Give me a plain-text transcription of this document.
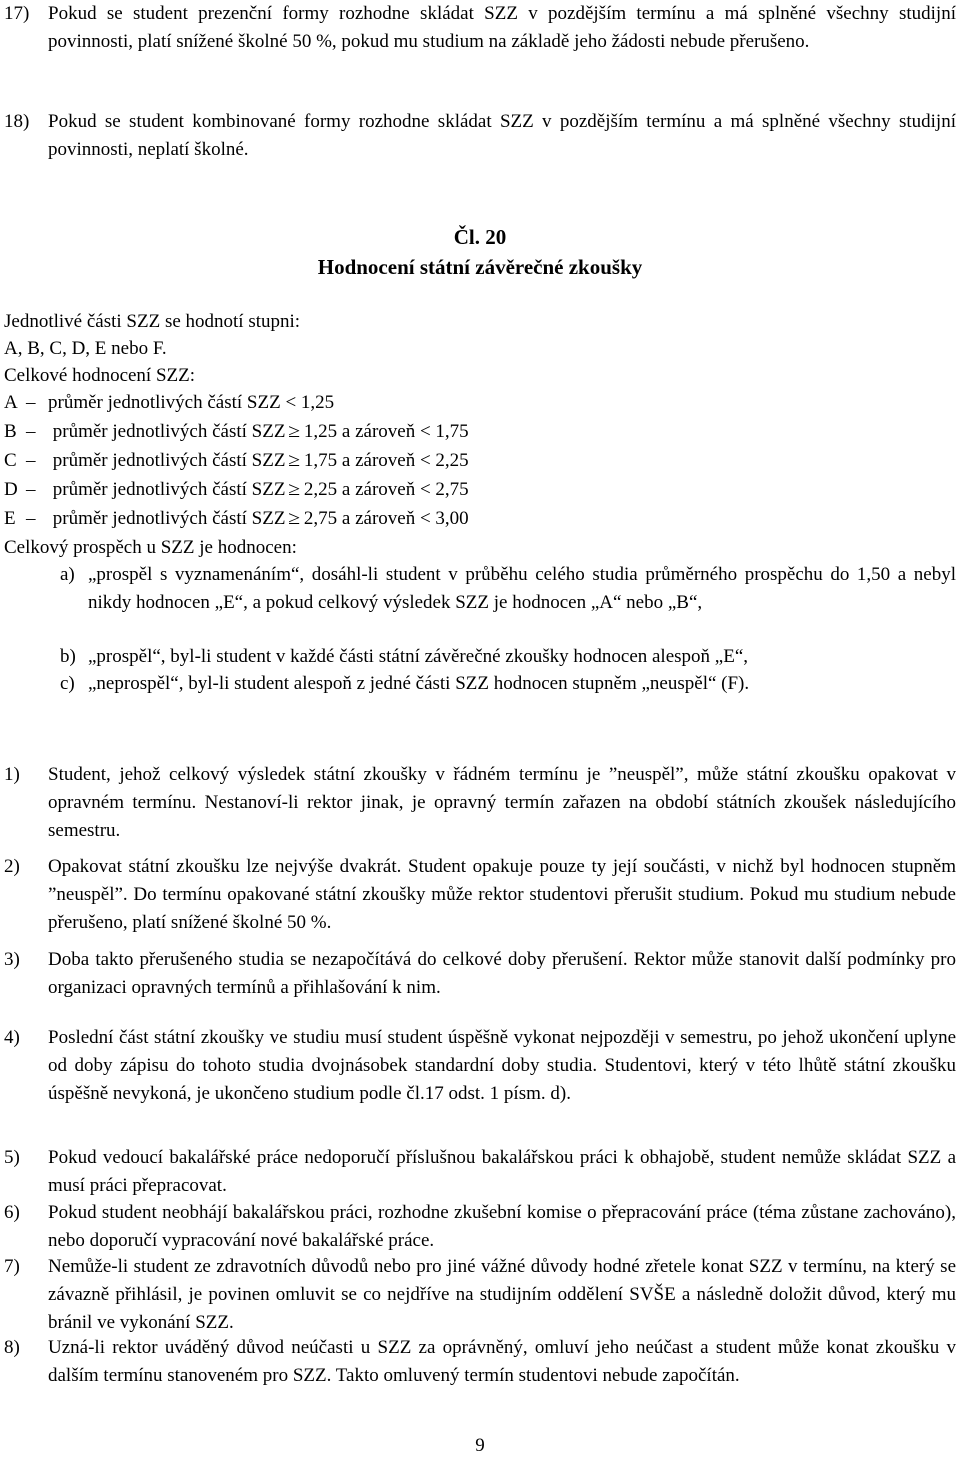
17) Pokud se student prezenční formy rozhodne skládat SZZ v pozdějším termínu a má splněné všechny studijní povinnosti, platí snížené školné 50 %, pokud mu studium na základě jeho žádosti nebude přerušeno.
18) Pokud se student kombinované formy rozhodne skládat SZZ v pozdějším termínu a má splněné všechny studijní povinnosti, neplatí školné.
Čl. 20
Hodnocení státní závěrečné zkoušky
Jednotlivé části SZZ se hodnotí stupni:
A, B, C, D, E nebo F.
Celkové hodnocení SZZ:
A – průměr jednotlivých částí SZZ < 1,25
B – průměr jednotlivých částí SZZ ≥ 1,25 a zároveň < 1,75
C – průměr jednotlivých částí SZZ ≥ 1,75 a zároveň < 2,25
D – průměr jednotlivých částí SZZ ≥ 2,25 a zároveň < 2,75
E – průměr jednotlivých částí SZZ ≥ 2,75 a zároveň < 3,00
Celkový prospěch u SZZ je hodnocen:
a) „prospěl s vyznamenáním“, dosáhl-li student v průběhu celého studia průměrného prospěchu do 1,50 a nebyl nikdy hodnocen „E“, a pokud celkový výsledek SZZ je hodnocen „A“ nebo „B“,
b) „prospěl“, byl-li student v každé části státní závěrečné zkoušky hodnocen alespoň „E“,
c) „neprospěl“, byl-li student alespoň z jedné části SZZ hodnocen stupněm „neuspěl“ (F).
1) Student, jehož celkový výsledek státní zkoušky v řádném termínu je ”neuspěl”, může státní zkoušku opakovat v opravném termínu. Nestanoví-li rektor jinak, je opravný termín zařazen na období státních zkoušek následujícího semestru.
2) Opakovat státní zkoušku lze nejvýše dvakrát. Student opakuje pouze ty její součásti, v nichž byl hodnocen stupněm ”neuspěl”. Do termínu opakované státní zkoušky může rektor studentovi přerušit studium. Pokud mu studium nebude přerušeno, platí snížené školné 50 %.
3) Doba takto přerušeného studia se nezapočítává do celkové doby přerušení. Rektor může stanovit další podmínky pro organizaci opravných termínů a přihlašování k nim.
4) Poslední část státní zkoušky ve studiu musí student úspěšně vykonat nejpozději v semestru, po jehož ukončení uplyne od doby zápisu do tohoto studia dvojnásobek standardní doby studia. Studentovi, který v této lhůtě státní zkoušku úspěšně nevykoná, je ukončeno studium podle čl.17 odst. 1 písm. d).
5) Pokud vedoucí bakalářské práce nedoporučí příslušnou bakalářskou práci k obhajobě, student nemůže skládat SZZ a musí práci přepracovat.
6) Pokud student neobhájí bakalářskou práci, rozhodne zkušební komise o přepracování práce (téma zůstane zachováno), nebo doporučí vypracování nové bakalářské práce.
7) Nemůže-li student ze zdravotních důvodů nebo pro jiné vážné důvody hodné zřetele konat SZZ v termínu, na který se závazně přihlásil, je povinen omluvit se co nejdříve na studijním oddělení SVŠE a následně doložit důvod, který mu bránil ve vykonání SZZ.
8) Uzná-li rektor uváděný důvod neúčasti u SZZ za oprávněný, omluví jeho neúčast a student může konat zkoušku v dalším termínu stanoveném pro SZZ. Takto omluvený termín studentovi nebude započítán.
9
